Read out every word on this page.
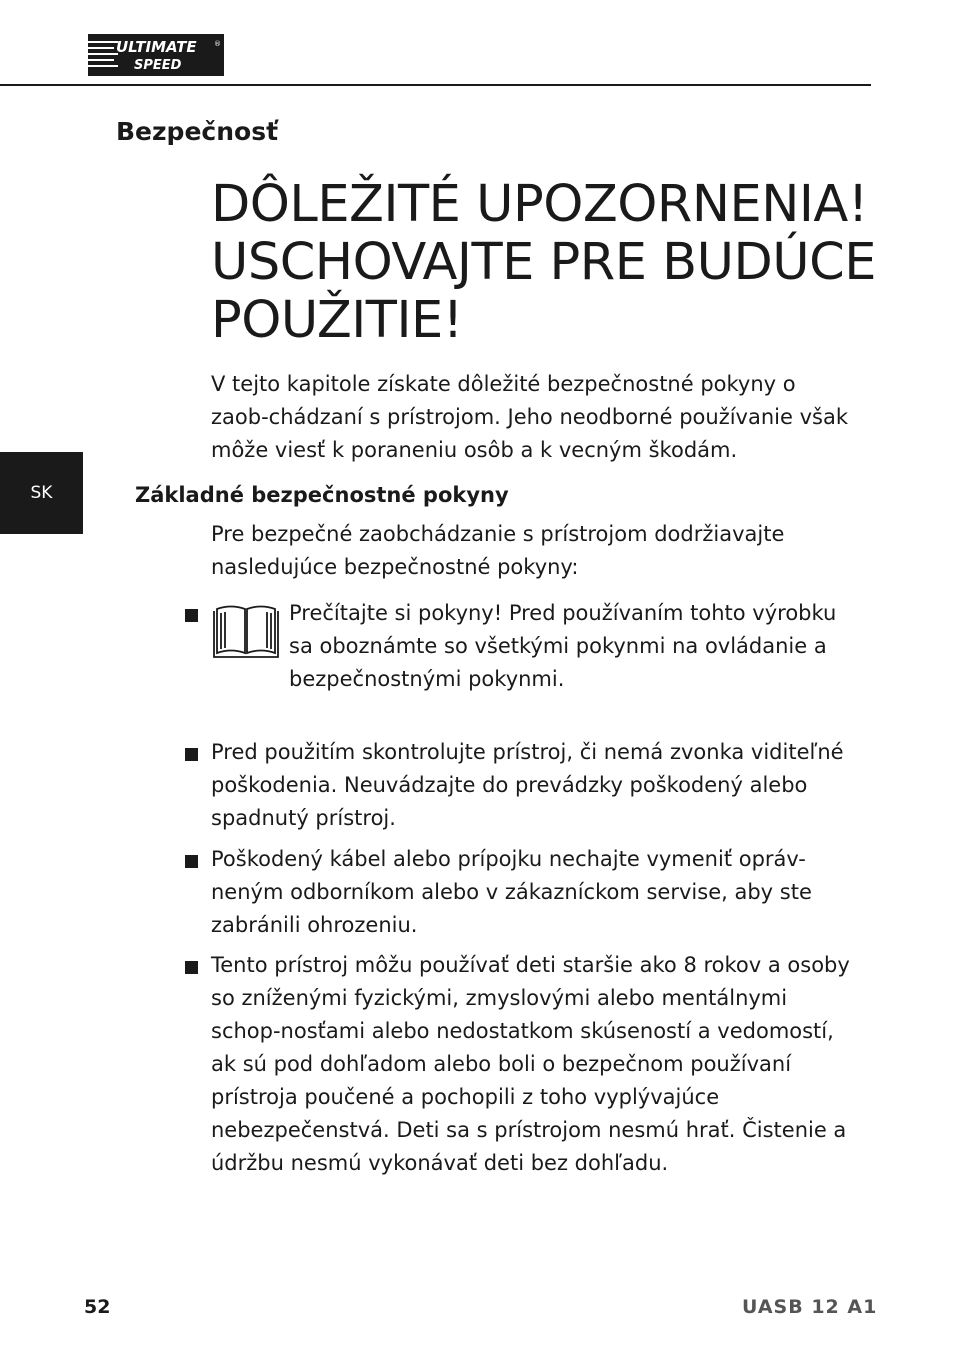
ULTIMATE
SPEED
®
Bezpečnosť
DÔLEŽITÉ UPOZORNENIA! USCHOVAJTE PRE BUDÚCE POUŽITIE!
V tejto kapitole získate dôležité bezpečnostné pokyny o zaob-chádzaní s prístrojom. Jeho neodborné používanie však môže viesť k poraneniu osôb a k vecným škodám.
SK	Základné bezpečnostné pokyny
Pre bezpečné zaobchádzanie s prístrojom dodržiavajte nasledujúce bezpečnostné pokyny:
Prečítajte si pokyny! Pred používaním tohto výrobku sa oboznámte so všetkými pokynmi na ovládanie a bezpečnostnými pokynmi.
Pred použitím skontrolujte prístroj, či nemá zvonka viditeľné poškodenia. Neuvádzajte do prevádzky poškodený alebo spadnutý prístroj.
Poškodený kábel alebo prípojku nechajte vymeniť opráv-neným odborníkom alebo v zákazníckom servise, aby ste zabránili ohrozeniu.
Tento prístroj môžu používať deti staršie ako 8 rokov a osoby so zníženými fyzickými, zmyslovými alebo mentálnymi schop-nosťami alebo nedostatkom skúseností a vedomostí, ak sú pod dohľadom alebo boli o bezpečnom používaní prístroja poučené a pochopili z toho vyplývajúce nebezpečenstvá. Deti sa s prístrojom nesmú hrať. Čistenie a údržbu nesmú vykonávať deti bez dohľadu.
52	UASB 12 A1
